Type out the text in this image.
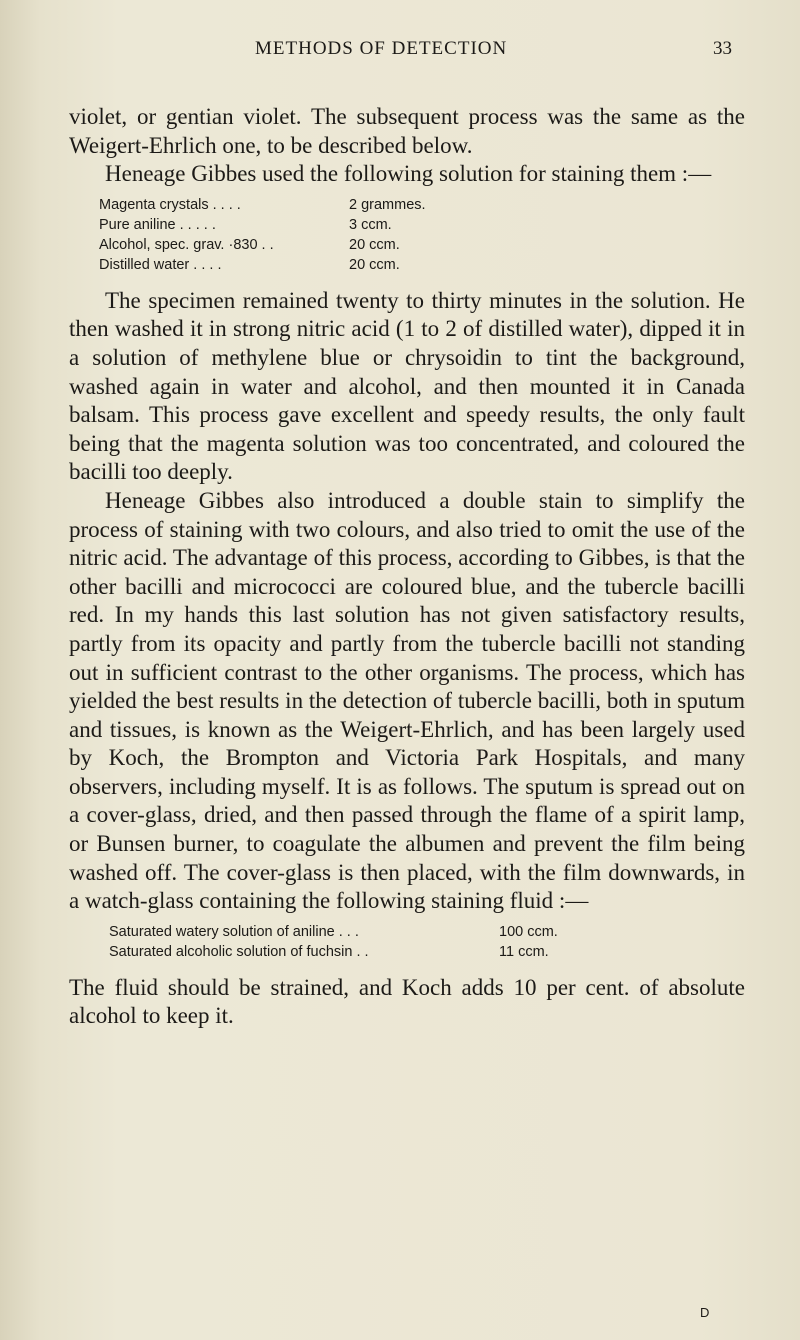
METHODS OF DETECTION	33

violet, or gentian violet. The subsequent process was the same as the Weigert-Ehrlich one, to be described below.

Heneage Gibbes used the following solution for staining them :—

Magenta crystals . . . .	2 grammes.
Pure aniline . . . . .	3 ccm.
Alcohol, spec. grav. ·830 . .	20 ccm.
Distilled water . . . .	20 ccm.

The specimen remained twenty to thirty minutes in the solution. He then washed it in strong nitric acid (1 to 2 of distilled water), dipped it in a solution of methylene blue or chrysoidin to tint the background, washed again in water and alcohol, and then mounted it in Canada balsam. This process gave excellent and speedy results, the only fault being that the magenta solution was too concentrated, and coloured the bacilli too deeply.

Heneage Gibbes also introduced a double stain to simplify the process of staining with two colours, and also tried to omit the use of the nitric acid. The advantage of this process, according to Gibbes, is that the other bacilli and micrococci are coloured blue, and the tubercle bacilli red. In my hands this last solution has not given satisfactory results, partly from its opacity and partly from the tubercle bacilli not standing out in sufficient contrast to the other organisms. The process, which has yielded the best results in the detection of tubercle bacilli, both in sputum and tissues, is known as the Weigert-Ehrlich, and has been largely used by Koch, the Brompton and Victoria Park Hospitals, and many observers, including myself. It is as follows. The sputum is spread out on a cover-glass, dried, and then passed through the flame of a spirit lamp, or Bunsen burner, to coagulate the albumen and prevent the film being washed off. The cover-glass is then placed, with the film downwards, in a watch-glass containing the following staining fluid :—

Saturated watery solution of aniline . . .	100 ccm.
Saturated alcoholic solution of fuchsin . .	11 ccm.

The fluid should be strained, and Koch adds 10 per cent. of absolute alcohol to keep it.

D
